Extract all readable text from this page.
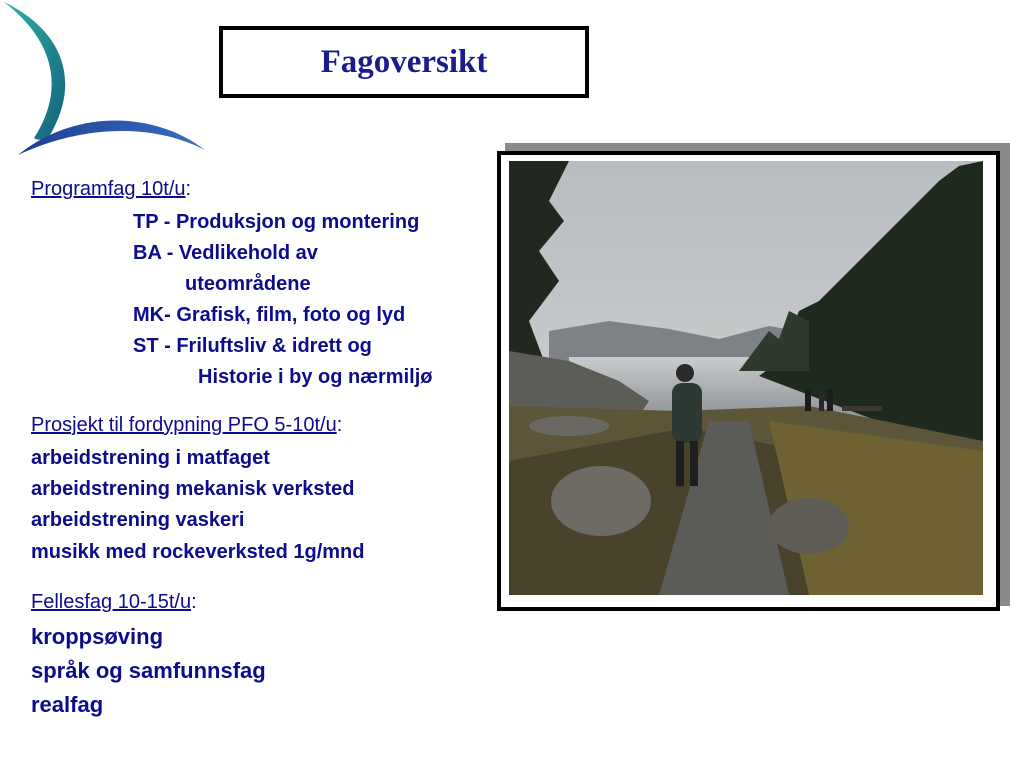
Fagoversikt
Programfag 10t/u:
TP - Produksjon og montering
BA - Vedlikehold av
uteområdene
MK- Grafisk, film, foto og lyd
ST - Friluftsliv & idrett og
Historie i by og nærmiljø
Prosjekt til fordypning PFO 5-10t/u:
arbeidstrening i matfaget
arbeidstrening mekanisk verksted
arbeidstrening vaskeri
musikk med rockeverksted 1g/mnd
Fellesfag 10-15t/u:
kroppsøving
språk og samfunnsfag
realfag
